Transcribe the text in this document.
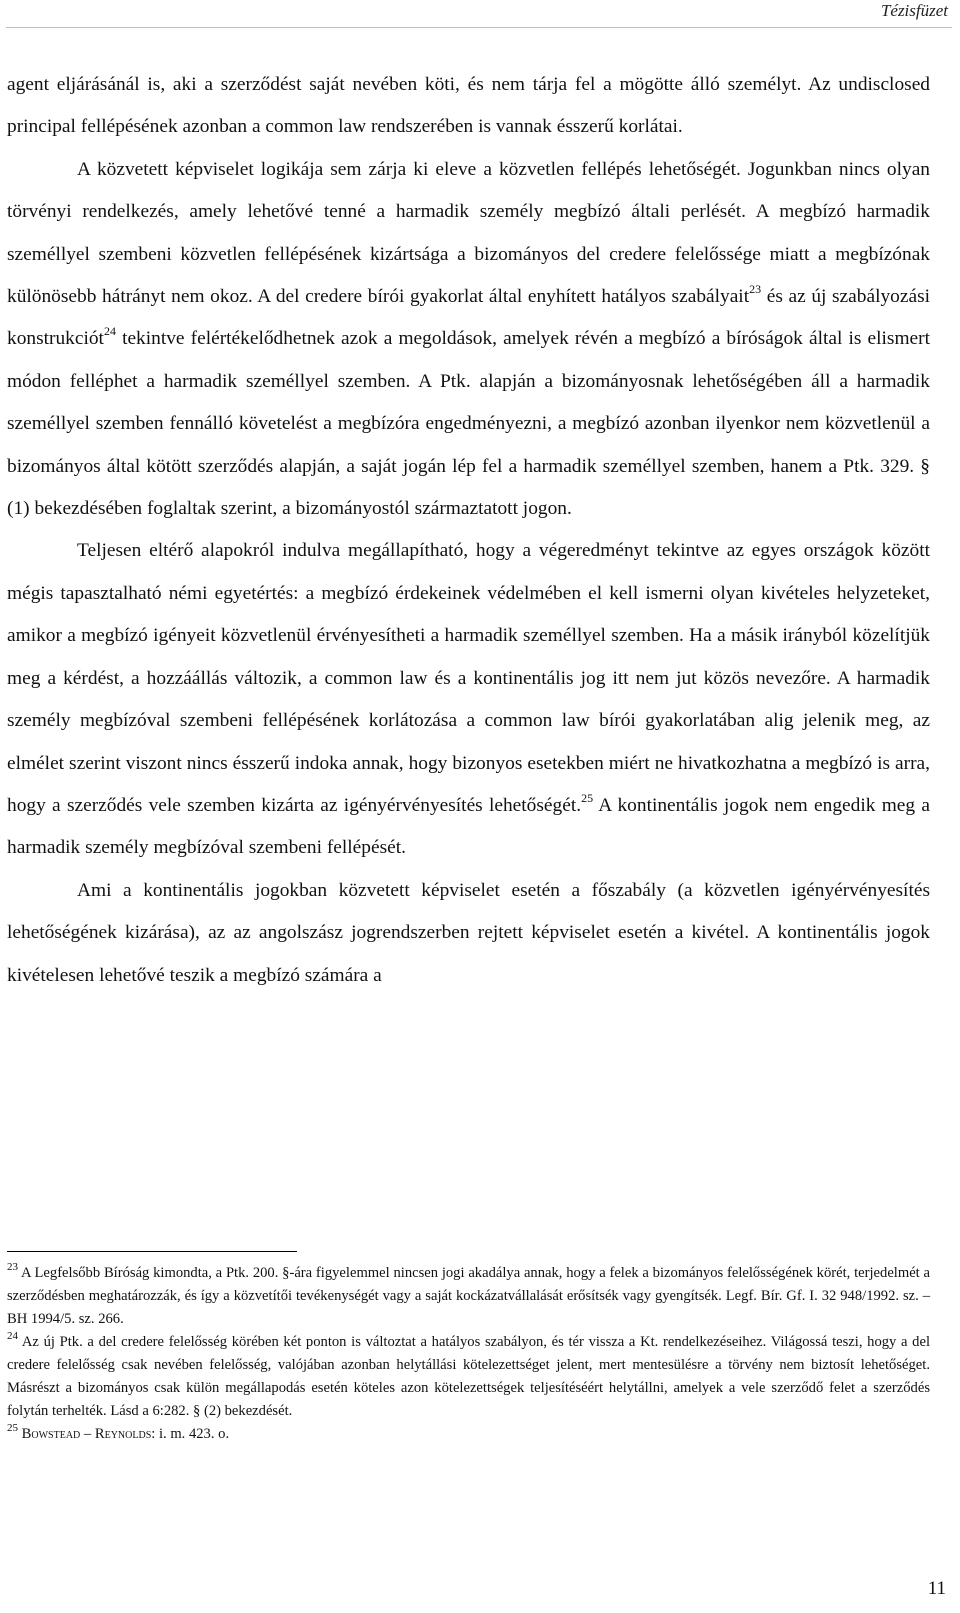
Tézisfüzet

agent eljárásánál is, aki a szerződést saját nevében köti, és nem tárja fel a mögötte álló személyt. Az undisclosed principal fellépésének azonban a common law rendszerében is vannak ésszerű korlátai.

A közvetett képviselet logikája sem zárja ki eleve a közvetlen fellépés lehetőségét. Jogunkban nincs olyan törvényi rendelkezés, amely lehetővé tenné a harmadik személy megbízó általi perlését. A megbízó harmadik személlyel szembeni közvetlen fellépésének kizártsága a bizományos del credere felelőssége miatt a megbízónak különösebb hátrányt nem okoz. A del credere bírói gyakorlat által enyhített hatályos szabályait$^{23}$ és az új szabályozási konstrukciót$^{24}$ tekintve felértékelődhetnek azok a megoldások, amelyek révén a megbízó a bíróságok által is elismert módon felléphet a harmadik személlyel szemben. A Ptk. alapján a bizományosnak lehetőségében áll a harmadik személlyel szemben fennálló követelést a megbízóra engedményezni, a megbízó azonban ilyenkor nem közvetlenül a bizományos által kötött szerződés alapján, a saját jogán lép fel a harmadik személlyel szemben, hanem a Ptk. 329. § (1) bekezdésében foglaltak szerint, a bizományostól származtatott jogon.

Teljesen eltérő alapokról indulva megállapítható, hogy a végeredményt tekintve az egyes országok között mégis tapasztalható némi egyetértés: a megbízó érdekeinek védelmében el kell ismerni olyan kivételes helyzeteket, amikor a megbízó igényeit közvetlenül érvényesítheti a harmadik személlyel szemben. Ha a másik irányból közelítjük meg a kérdést, a hozzáállás változik, a common law és a kontinentális jog itt nem jut közös nevezőre. A harmadik személy megbízóval szembeni fellépésének korlátozása a common law bírói gyakorlatában alig jelenik meg, az elmélet szerint viszont nincs ésszerű indoka annak, hogy bizonyos esetekben miért ne hivatkozhatna a megbízó is arra, hogy a szerződés vele szemben kizárta az igényérvényesítés lehetőségét.$^{25}$ A kontinentális jogok nem engedik meg a harmadik személy megbízóval szembeni fellépését.

Ami a kontinentális jogokban közvetett képviselet esetén a főszabály (a közvetlen igényérvényesítés lehetőségének kizárása), az az angolszász jogrendszerben rejtett képviselet esetén a kivétel. A kontinentális jogok kivételesen lehetővé teszik a megbízó számára a

$^{23}$ A Legfelsőbb Bíróság kimondta, a Ptk. 200. §-ára figyelemmel nincsen jogi akadálya annak, hogy a felek a bizományos felelősségének körét, terjedelmét a szerződésben meghatározzák, és így a közvetítői tevékenységét vagy a saját kockázatvállalását erősítsék vagy gyengítsék. Legf. Bír. Gf. I. 32 948/1992. sz. – BH 1994/5. sz. 266.

$^{24}$ Az új Ptk. a del credere felelősség körében két ponton is változtat a hatályos szabályon, és tér vissza a Kt. rendelkezéseihez. Világossá teszi, hogy a del credere felelősség csak nevében felelősség, valójában azonban helytállási kötelezettséget jelent, mert mentesülésre a törvény nem biztosít lehetőséget. Másrészt a bizományos csak külön megállapodás esetén köteles azon kötelezettségek teljesítéséért helytállni, amelyek a vele szerződő felet a szerződés folytán terhelték. Lásd a 6:282. § (2) bekezdését.

$^{25}$ Bowstead – Reynolds: i. m. 423. o.

11
